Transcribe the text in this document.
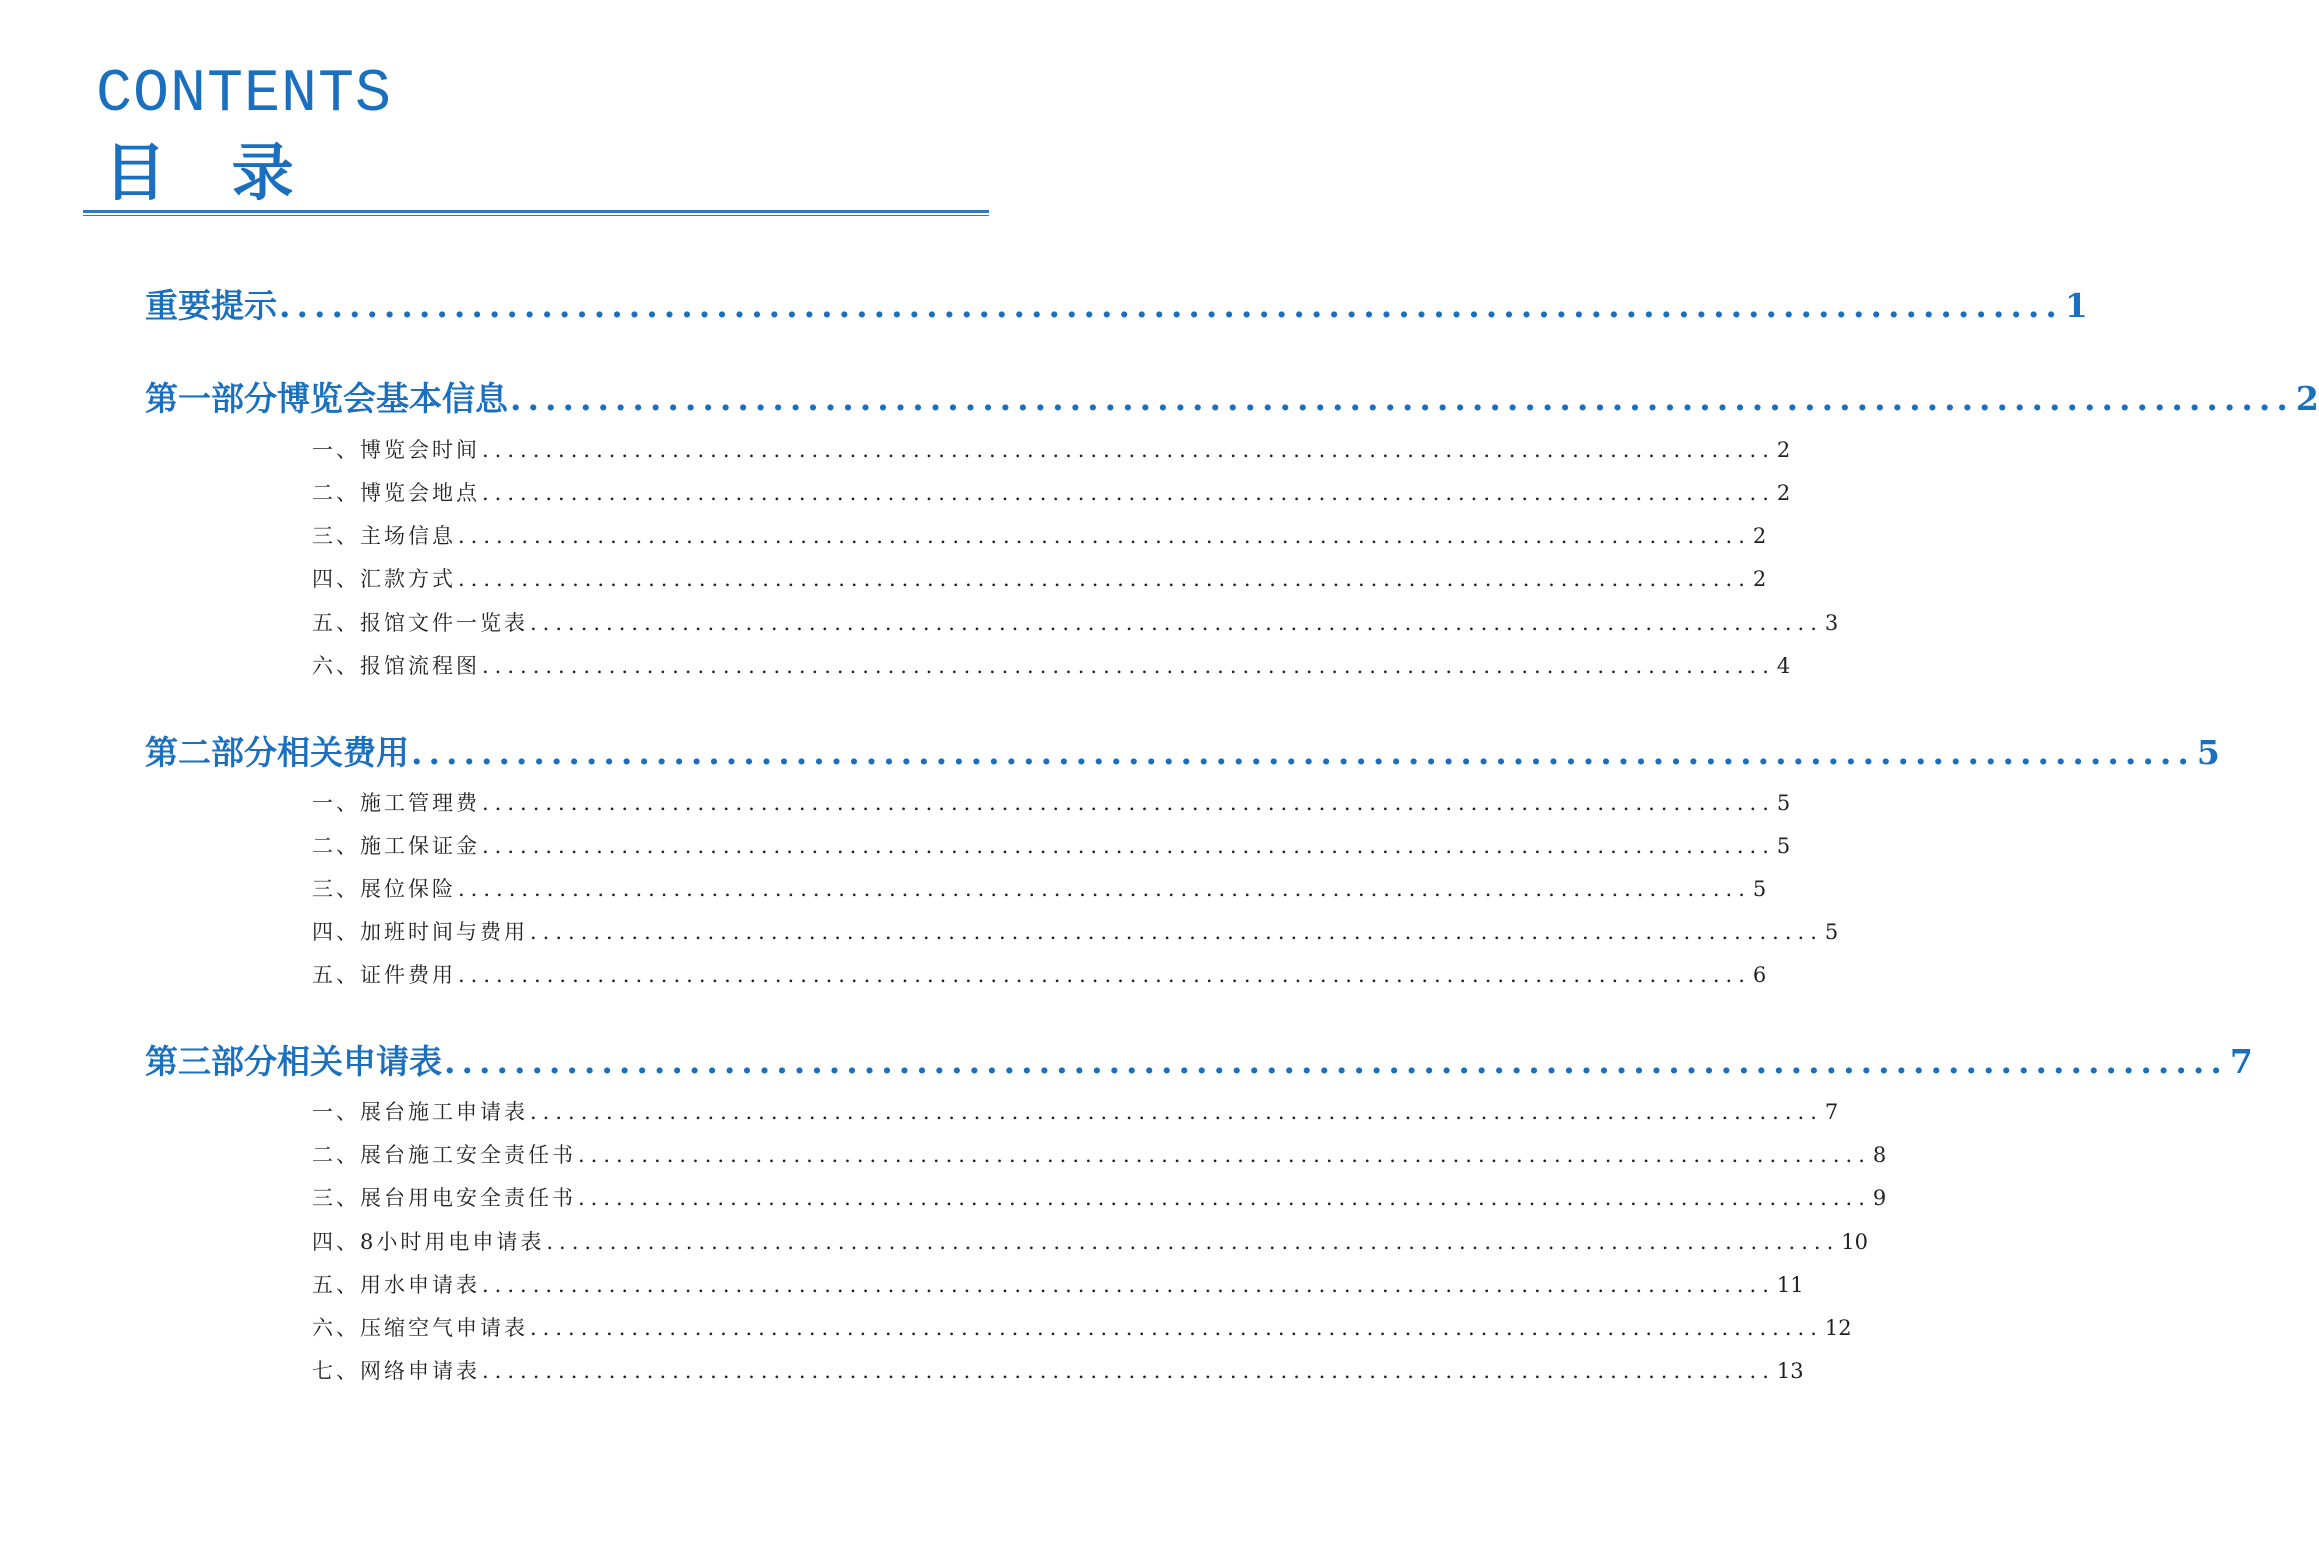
CONTENTS
目 录
重要提示 ...................................................................................................... 1
第一部分 博览会基本信息 ...................................................................................................... 2
一、博览会时间 ...................................................................................................... 2
二、博览会地点 ...................................................................................................... 2
三、主场信息 ...................................................................................................... 2
四、汇款方式 ...................................................................................................... 2
五、报馆文件一览表 ...................................................................................................... 3
六、报馆流程图 ...................................................................................................... 4
第二部分 相关费用 ...................................................................................................... 5
一、施工管理费 ...................................................................................................... 5
二、施工保证金 ...................................................................................................... 5
三、展位保险 ...................................................................................................... 5
四、加班时间与费用 ...................................................................................................... 5
五、证件费用 ...................................................................................................... 6
第三部分 相关申请表 ...................................................................................................... 7
一、展台施工申请表 ...................................................................................................... 7
二、展台施工安全责任书 ...................................................................................................... 8
三、展台用电安全责任书 ...................................................................................................... 9
四、8小时用电申请表 ...................................................................................................... 10
五、用水申请表 ...................................................................................................... 11
六、压缩空气申请表 ...................................................................................................... 12
七、网络申请表 ...................................................................................................... 13
